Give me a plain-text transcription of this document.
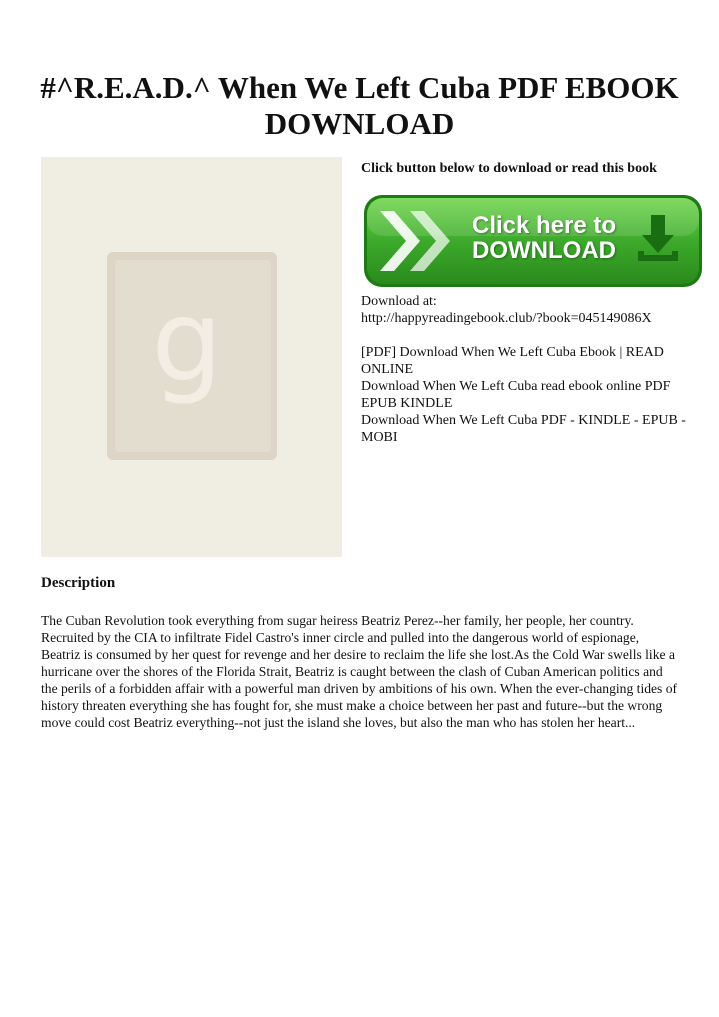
#^R.E.A.D.^ When We Left Cuba PDF EBOOK DOWNLOAD
g

Click button below to download or read this book

Click here to
DOWNLOAD

Download at:

http://happyreadingebook.club/?book=045149086X

[PDF] Download When We Left Cuba Ebook | READ ONLINE

Download When We Left Cuba read ebook online PDF EPUB KINDLE

Download When We Left Cuba PDF - KINDLE - EPUB - MOBI

Description

The Cuban Revolution took everything from sugar heiress Beatriz Perez--her family, her people, her country. Recruited by the CIA to infiltrate Fidel Castro's inner circle and pulled into the dangerous world of espionage, Beatriz is consumed by her quest for revenge and her desire to reclaim the life she lost.As the Cold War swells like a hurricane over the shores of the Florida Strait, Beatriz is caught between the clash of Cuban American politics and the perils of a forbidden affair with a powerful man driven by ambitions of his own. When the ever-changing tides of history threaten everything she has fought for, she must make a choice between her past and future--but the wrong move could cost Beatriz everything--not just the island she loves, but also the man who has stolen her heart...
